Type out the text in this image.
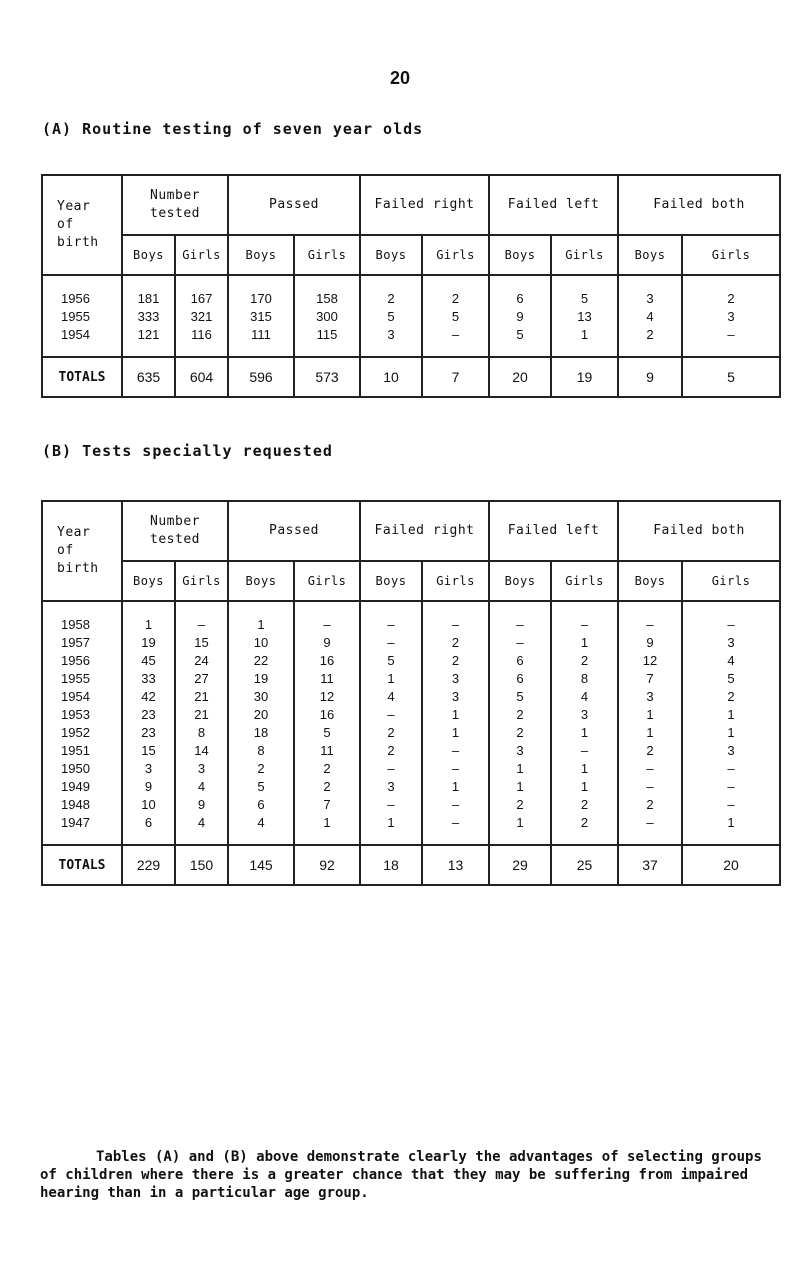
20
(A) Routine testing of seven year olds
Year
of
birth	Number tested		Passed		Failed right		Failed left		Failed both	
	Boys	Girls	Boys	Girls	Boys	Girls	Boys	Girls	Boys	Girls
1956	181	167	170	158	2	2	6	5	3	2
1955	333	321	315	300	5	5	9	13	4	3
1954	121	116	111	115	3	–	5	1	2	–
TOTALS	635	604	596	573	10	7	20	19	9	5
(B) Tests specially requested
Year
of
birth	Number tested		Passed		Failed right		Failed left		Failed both	
	Boys	Girls	Boys	Girls	Boys	Girls	Boys	Girls	Boys	Girls
1958	1	–	1	–	–	–	–	–	–	–
1957	19	15	10	9	–	2	–	1	9	3
1956	45	24	22	16	5	2	6	2	12	4
1955	33	27	19	11	1	3	6	8	7	5
1954	42	21	30	12	4	3	5	4	3	2
1953	23	21	20	16	–	1	2	3	1	1
1952	23	8	18	5	2	1	2	1	1	1
1951	15	14	8	11	2	–	3	–	2	3
1950	3	3	2	2	–	–	1	1	–	–
1949	9	4	5	2	3	1	1	1	–	–
1948	10	9	6	7	–	–	2	2	2	–
1947	6	4	4	1	1	–	1	2	–	1
TOTALS	229	150	145	92	18	13	29	25	37	20

Tables (A) and (B) above demonstrate clearly the advantages of selecting groups of children where there is a greater chance that they may be suffering from impaired hearing than in a particular age group.
